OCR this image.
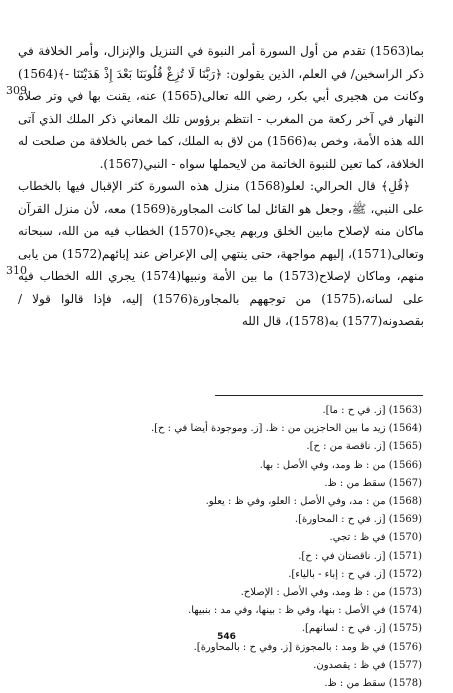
بما(1563) تقدم من أول السورة أمر النبوة في التنزيل والإنزال، وأمر الخلافة في ذكر الراسخين/ في العلم، الذين يقولون: ﴿رَبَّنَا لَا تُزِغْ قُلُوبَنَا بَعْدَ إِذْ هَدَيْتَنَا -﴾(1564) وكانت من هجيرى أبي بكر، رضي الله تعالى(1565) عنه، يقنت بها في وتر صلاة النهار في آخر ركعة من المغرب - انتظم برؤوس تلك المعاني ذكر الملك الذي آتى الله هذه الأمة، وخص به(1566) من لاق به الملك، كما خص بالخلافة من صلحت له الخلافة، كما تعين للنبوة الخاتمة من لايحملها سواه - النبي(1567).

﴿قُلِ﴾ قال الحرالي: لعلو(1568) منزل هذه السورة كثر الإقبال فيها بالخطاب على النبي، ﷺ، وجعل هو القائل لما كانت المجاورة(1569) معه، لأن منزل القرآن ماكان منه لإصلاح مابين الخلق وربهم يجيء(1570) الخطاب فيه من الله، سبحانه وتعالى(1571)، إليهم مواجهة، حتى ينتهي إلى الإعراض عند إبائهم(1572) من يابى منهم، وماكان لإصلاح(1573) ما بين الأمة ونبيها(1574) يجري الله الخطاب فيه على لسانه،(1575) من توجههم بالمجاورة(1576) إليه، فإذا قالوا قولا / بقصدونه(1577) به(1578)، قال الله

309
310
(1563) [ز. في ح : ما].
(1564) زيد ما بين الحاجزين من : ظ. [ز. وموجودة أيضا في : ح].
(1565) [ز. ناقصة من : ح].
(1566) من : ظ ومد، وفي الأصل : بها.
(1567) سقط من : ظ.
(1568) من : مد، وفي الأصل : العلو، وفي ظ : يعلو.
(1569) [ز. في ح : المحاورة].
(1570) في ظ : تجي.
(1571) [ز. ناقصتان في : ح].
(1572) [ز. في ح : إباء - بالياء].
(1573) من : ظ ومد، وفي الأصل : الإصلاح.
(1574) في الأصل : بنها، وفي ظ : بينها، وفي مد : بنبيها.
(1575) [ز. في ح : لسانهم].
(1576) في ظ ومد : بالمجوزة [ز. وفي ح : بالمحاورة].
(1577) في ظ : يقصدون.
(1578) سقط من : ظ.
546
